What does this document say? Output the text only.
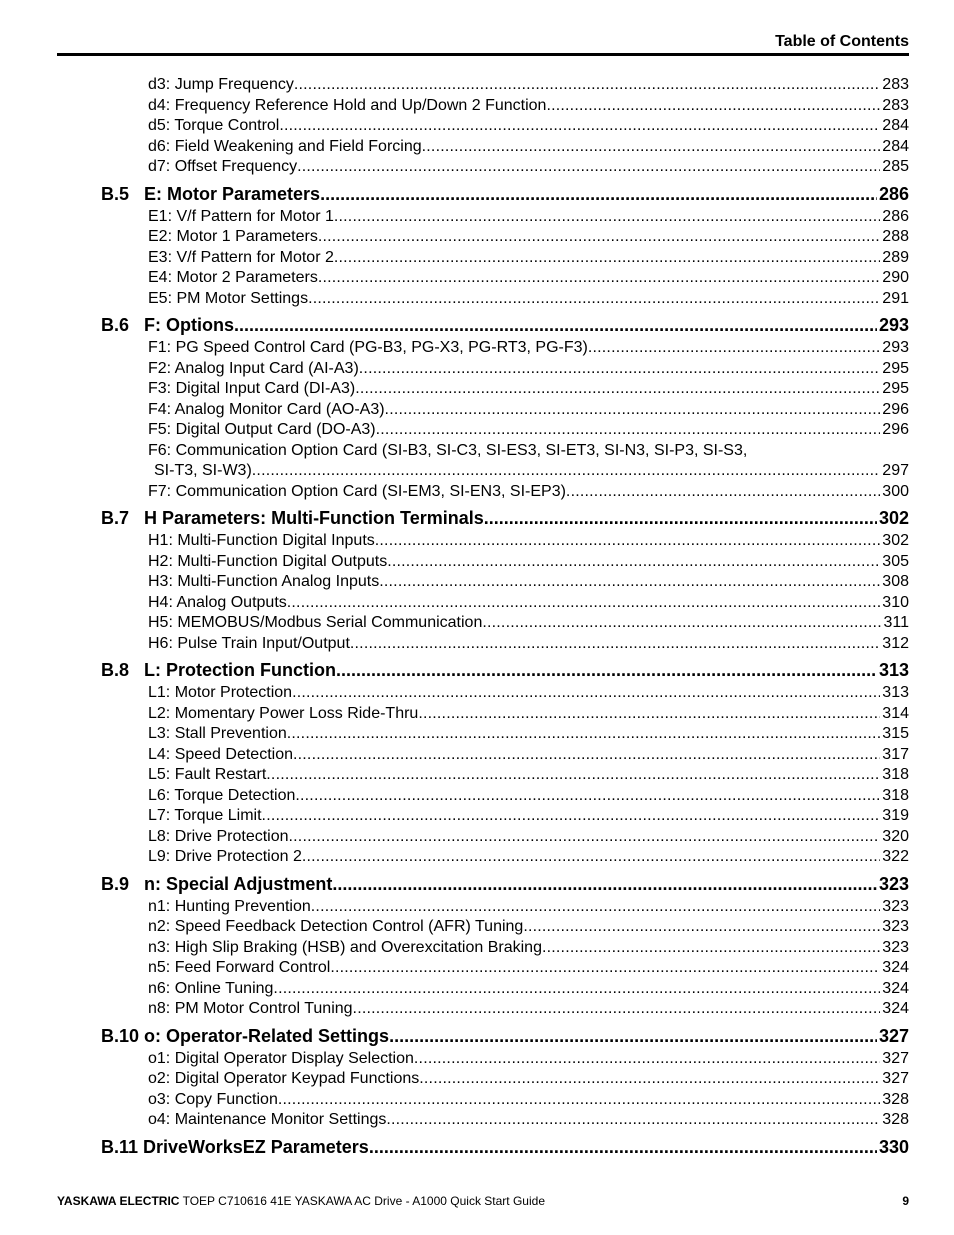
Table of Contents
d3: Jump Frequency .....	283
d4: Frequency Reference Hold and Up/Down 2 Function .....	283
d5: Torque Control .....	284
d6: Field Weakening and Field Forcing .....	284
d7: Offset Frequency .....	285
B.5   E: Motor Parameters .....	286
E1: V/f Pattern for Motor 1 .....	286
E2: Motor 1 Parameters .....	288
E3: V/f Pattern for Motor 2 .....	289
E4: Motor 2 Parameters .....	290
E5: PM Motor Settings .....	291
B.6   F: Options .....	293
F1: PG Speed Control Card (PG-B3, PG-X3, PG-RT3, PG-F3) .....	293
F2: Analog Input Card (AI-A3) .....	295
F3: Digital Input Card (DI-A3) .....	295
F4: Analog Monitor Card (AO-A3) .....	296
F5: Digital Output Card (DO-A3) .....	296
F6: Communication Option Card (SI-B3, SI-C3, SI-ES3, SI-ET3, SI-N3, SI-P3, SI-S3,
SI-T3, SI-W3) .....	297
F7: Communication Option Card (SI-EM3, SI-EN3, SI-EP3) .....	300
B.7   H Parameters: Multi-Function Terminals .....	302
H1: Multi-Function Digital Inputs .....	302
H2: Multi-Function Digital Outputs .....	305
H3: Multi-Function Analog Inputs .....	308
H4: Analog Outputs .....	310
H5: MEMOBUS/Modbus Serial Communication .....	311
H6: Pulse Train Input/Output .....	312
B.8   L: Protection Function .....	313
L1: Motor Protection .....	313
L2: Momentary Power Loss Ride-Thru .....	314
L3: Stall Prevention .....	315
L4: Speed Detection .....	317
L5: Fault Restart .....	318
L6: Torque Detection .....	318
L7: Torque Limit .....	319
L8: Drive Protection .....	320
L9: Drive Protection 2 .....	322
B.9   n: Special Adjustment .....	323
n1: Hunting Prevention .....	323
n2: Speed Feedback Detection Control (AFR) Tuning .....	323
n3: High Slip Braking (HSB) and Overexcitation Braking .....	323
n5: Feed Forward Control .....	324
n6: Online Tuning .....	324
n8: PM Motor Control Tuning .....	324
B.10 o: Operator-Related Settings .....	327
o1: Digital Operator Display Selection .....	327
o2: Digital Operator Keypad Functions .....	327
o3: Copy Function .....	328
o4: Maintenance Monitor Settings .....	328
B.11 DriveWorksEZ Parameters .....	330
YASKAWA ELECTRIC TOEP C710616 41E YASKAWA AC Drive - A1000 Quick Start Guide	9
